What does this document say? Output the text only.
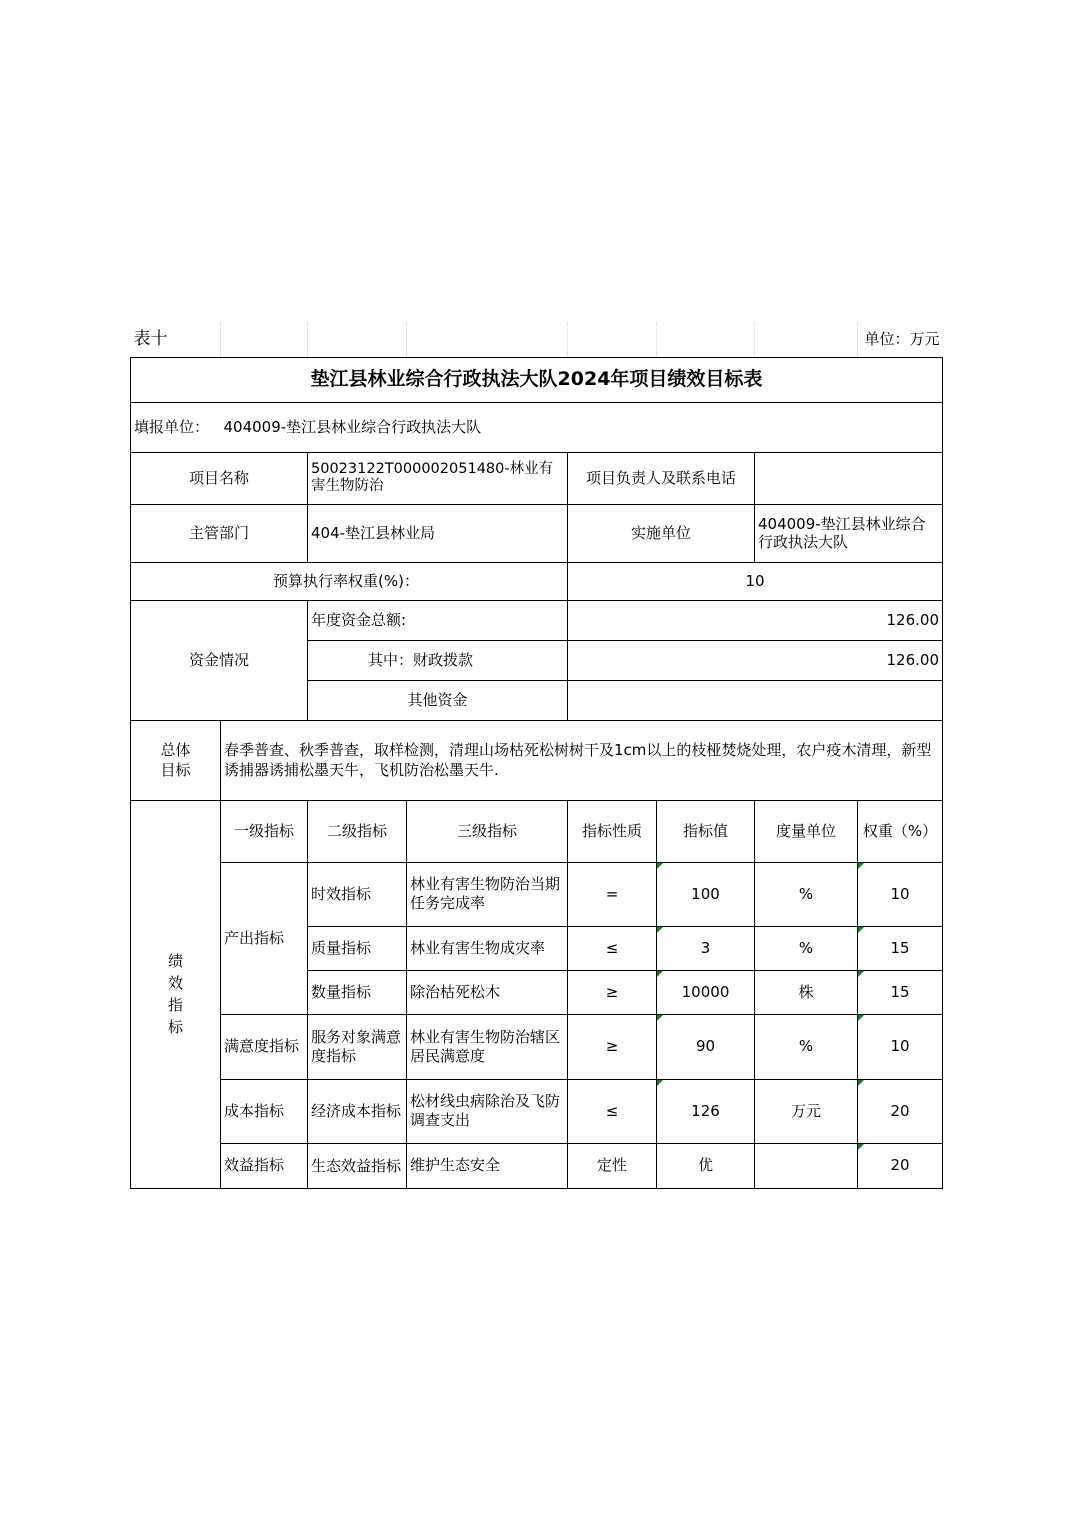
表十							单位：万元
垫江县林业综合行政执法大队2024年项目绩效目标表							
填报单位：	404009-垫江县林业综合行政执法大队						
项目名称		50023122T000002051480-林业有害生物防治		项目负责人及联系电话			
主管部门		404-垫江县林业局		实施单位		404009-垫江县林业综合行政执法大队	
预算执行率权重(%)：				10			
资金情况		年度资金总额:		126.00			
		其中：财政拨款		126.00			
		其他资金					

总体
目标	春季普查、秋季普查，取样检测，清理山场枯死松树树干及1cm以上的枝桠焚烧处理，农户疫木清理，新型诱捕器诱捕松墨天牛，飞机防治松墨天牛.						

绩
效
指
标	一级指标	二级指标	三级指标	指标性质	指标值	度量单位	权重（%）
	产出指标	时效指标	林业有害生物防治当期任务完成率	=	100	%	10
		质量指标	林业有害生物成灾率	≤	3	%	15
		数量指标	除治枯死松木	≥	10000	株	15
	满意度指标	服务对象满意度指标	林业有害生物防治辖区居民满意度	≥	90	%	10
	成本指标	经济成本指标	松材线虫病除治及飞防调查支出	≤	126	万元	20
	效益指标	生态效益指标	维护生态安全	定性	优		20
